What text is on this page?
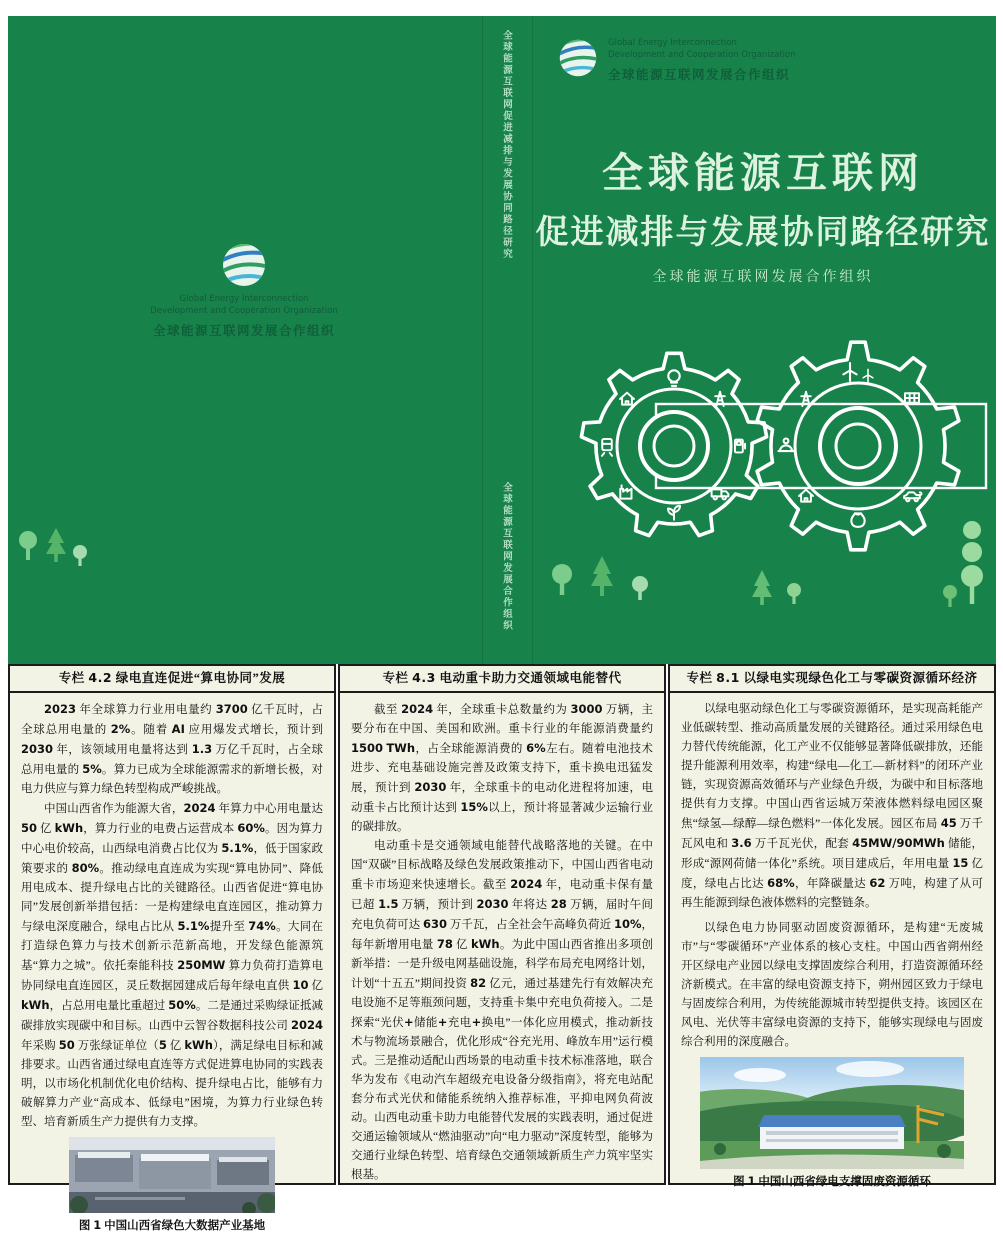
全球能源互联网促进减排与发展协同路径研究
全球能源互联网发展合作组织
Global Energy Interconnection
Development and Cooperation Organization
全球能源互联网发展合作组织
Global Energy Interconnection
Development and Cooperation Organization
全球能源互联网发展合作组织
全球能源互联网
促进减排与发展协同路径研究
全球能源互联网发展合作组织
专栏 4.2 绿电直连促进“算电协同”发展

2023 年全球算力行业用电量约 3700 亿千瓦时，占全球总用电量的 2%。随着 AI 应用爆发式增长，预计到 2030 年，该领域用电量将达到 1.3 万亿千瓦时，占全球总用电量的 5%。算力已成为全球能源需求的新增长极，对电力供应与算力绿色转型构成严峻挑战。

中国山西省作为能源大省，2024 年算力中心用电量达 50 亿 kWh，算力行业的电费占运营成本 60%。因为算力中心电价较高，山西绿电消费占比仅为 5.1%，低于国家政策要求的 80%。推动绿电直连成为实现“算电协同”、降低用电成本、提升绿电占比的关键路径。山西省促进“算电协同”发展创新举措包括：一是构建绿电直连园区，推动算力与绿电深度融合，绿电占比从 5.1%提升至 74%。大同在打造绿色算力与技术创新示范新高地，开发绿色能源筑基“算力之城”。依托秦能科技 250MW 算力负荷打造算电协同绿电直连园区，灵丘数据园建成后每年绿电直供 10 亿 kWh，占总用电量比重超过 50%。二是通过采购绿证抵减碳排放实现碳中和目标。山西中云智谷数据科技公司 2024 年采购 50 万张绿证单位（5 亿 kWh），满足绿电目标和减排要求。山西省通过绿电直连等方式促进算电协同的实践表明，以市场化机制优化电价结构、提升绿电占比，能够有力破解算力产业“高成本、低绿电”困境，为算力行业绿色转型、培育新质生产力提供有力支撑。

图 1 中国山西省绿色大数据产业基地
专栏 4.3 电动重卡助力交通领域电能替代

截至 2024 年，全球重卡总数量约为 3000 万辆，主要分布在中国、美国和欧洲。重卡行业的年能源消费量约 1500 TWh，占全球能源消费的 6%左右。随着电池技术进步、充电基础设施完善及政策支持下，重卡换电迅猛发展，预计到 2030 年，全球重卡的电动化进程将加速，电动重卡占比预计达到 15%以上，预计将显著减少运输行业的碳排放。

电动重卡是交通领域电能替代战略落地的关键。在中国“双碳”目标战略及绿色发展政策推动下，中国山西省电动重卡市场迎来快速增长。截至 2024 年，电动重卡保有量已超 1.5 万辆，预计到 2030 年将达 28 万辆，届时午间充电负荷可达 630 万千瓦，占全社会午高峰负荷近 10%，每年新增用电量 78 亿 kWh。为此中国山西省推出多项创新举措：一是升级电网基础设施，科学布局充电网络计划，计划“十五五”期间投资 82 亿元，通过基建先行有效解决充电设施不足等瓶颈问题，支持重卡集中充电负荷接入。二是探索“光伏+储能+充电+换电”一体化应用模式，推动新技术与物流场景融合，优化形成“谷充光用、峰放车用”运行模式。三是推动适配山西场景的电动重卡技术标准落地，联合华为发布《电动汽车超级充电设备分级指南》，将充电站配套分布式光伏和储能系统纳入推荐标准，平抑电网负荷波动。山西电动重卡助力电能替代发展的实践表明，通过促进交通运输领域从“燃油驱动”向“电力驱动”深度转型，能够为交通行业绿色转型、培育绿色交通领域新质生产力筑牢坚实根基。

专栏 8.1 以绿电实现绿色化工与零碳资源循环经济

以绿电驱动绿色化工与零碳资源循环，是实现高耗能产业低碳转型、推动高质量发展的关键路径。通过采用绿色电力替代传统能源，化工产业不仅能够显著降低碳排放，还能提升能源利用效率，构建“绿电—化工—新材料”的闭环产业链，实现资源高效循环与产业绿色升级，为碳中和目标落地提供有力支撑。中国山西省运城万荣液体燃料绿电园区聚焦“绿氢—绿醇—绿色燃料”一体化发展。园区布局 45 万千瓦风电和 3.6 万千瓦光伏，配套 45MW/90MWh 储能，形成“源网荷储一体化”系统。项目建成后，年用电量 15 亿度，绿电占比达 68%，年降碳量达 62 万吨，构建了从可再生能源到绿色液体燃料的完整链条。

以绿色电力协同驱动固废资源循环，是构建“无废城市”与“零碳循环”产业体系的核心支柱。中国山西省朔州经开区绿电产业园以绿电支撑固废综合利用，打造资源循环经济新模式。在丰富的绿电资源支持下，朔州园区致力于绿电与固废综合利用，为传统能源城市转型提供支持。该园区在风电、光伏等丰富绿电资源的支持下，能够实现绿电与固废综合利用的深度融合。

图 1 中国山西省绿电支撑固废资源循环
